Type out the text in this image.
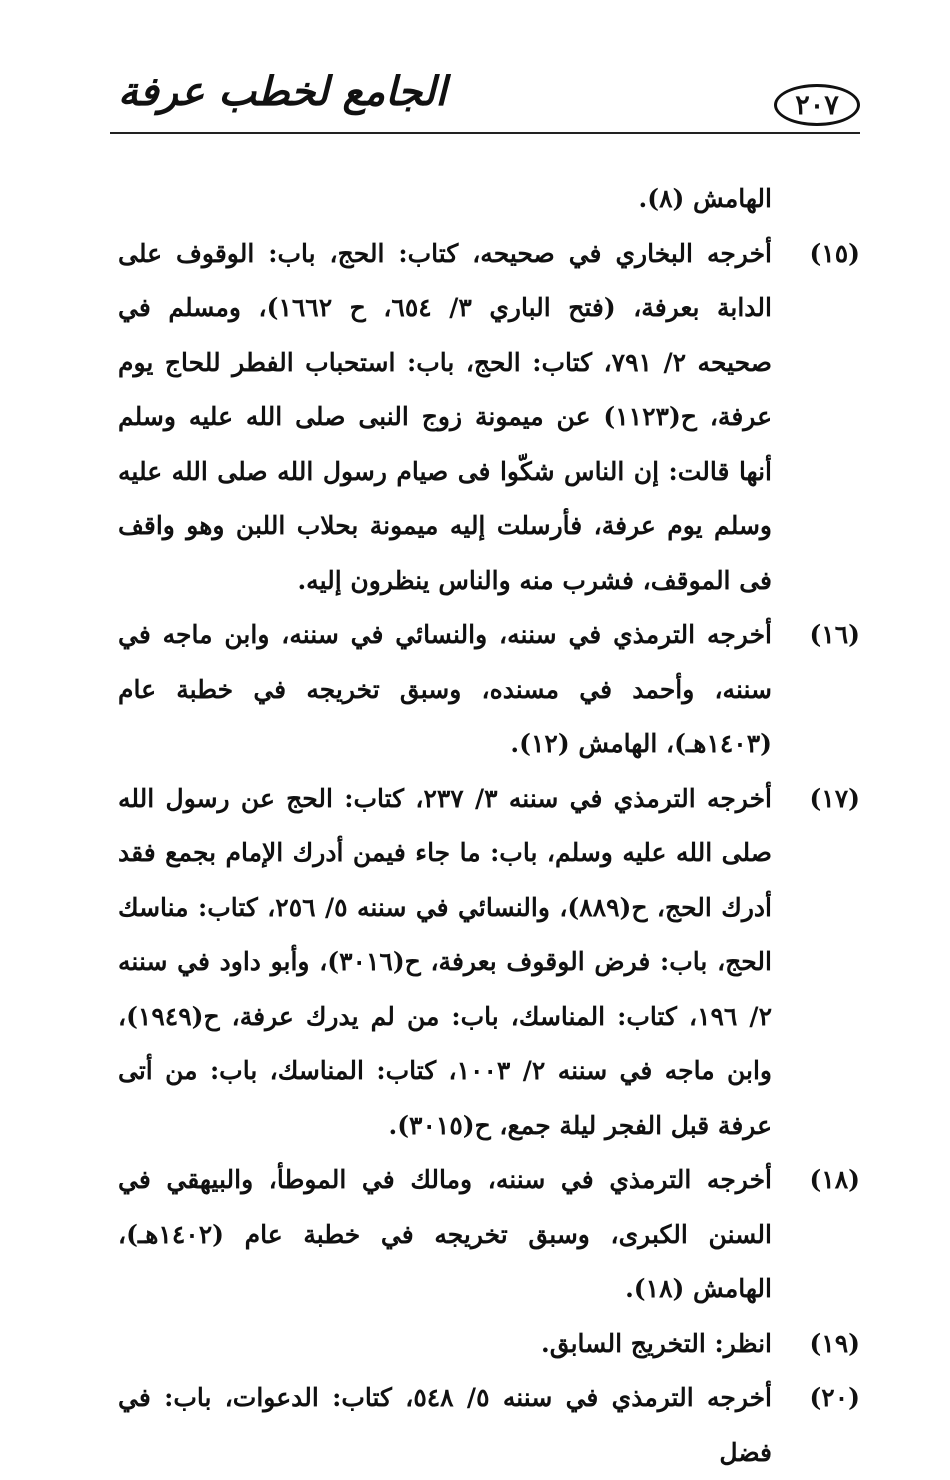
الجامع لخطب عرفة	٢٠٧
الهامش (٨).
(١٥)
أخرجه البخاري في صحيحه، كتاب: الحج، باب: الوقوف على الدابة بعرفة، (فتح الباري ٣/ ٦٥٤، ح ١٦٦٢)، ومسلم في صحيحه ٢/ ٧٩١، كتاب: الحج، باب: استحباب الفطر للحاج يوم عرفة، ح(١١٢٣) عن ميمونة زوج النبى صلى الله عليه وسلم أنها قالت: إن الناس شكّوا فى صيام رسول الله صلى الله عليه وسلم يوم عرفة، فأرسلت إليه ميمونة بحلاب اللبن وهو واقف فى الموقف، فشرب منه والناس ينظرون إليه.
(١٦)
أخرجه الترمذي في سننه، والنسائي في سننه، وابن ماجه في سننه، وأحمد في مسنده، وسبق تخريجه في خطبة عام (١٤٠٣هـ)، الهامش (١٢).
(١٧)
أخرجه الترمذي في سننه ٣/ ٢٣٧، كتاب: الحج عن رسول الله صلى الله عليه وسلم، باب: ما جاء فيمن أدرك الإمام بجمع فقد أدرك الحج، ح(٨٨٩)، والنسائي في سننه ٥/ ٢٥٦، كتاب: مناسك الحج، باب: فرض الوقوف بعرفة، ح(٣٠١٦)، وأبو داود في سننه ٢/ ١٩٦، كتاب: المناسك، باب: من لم يدرك عرفة، ح(١٩٤٩)، وابن ماجه في سننه ٢/ ١٠٠٣، كتاب: المناسك، باب: من أتى عرفة قبل الفجر ليلة جمع، ح(٣٠١٥).
(١٨)
أخرجه الترمذي في سننه، ومالك في الموطأ، والبيهقي في السنن الكبرى، وسبق تخريجه في خطبة عام (١٤٠٢هـ)، الهامش (١٨).
(١٩)
انظر: التخريج السابق.
(٢٠)
أخرجه الترمذي في سننه ٥/ ٥٤٨، كتاب: الدعوات، باب: في فضل
